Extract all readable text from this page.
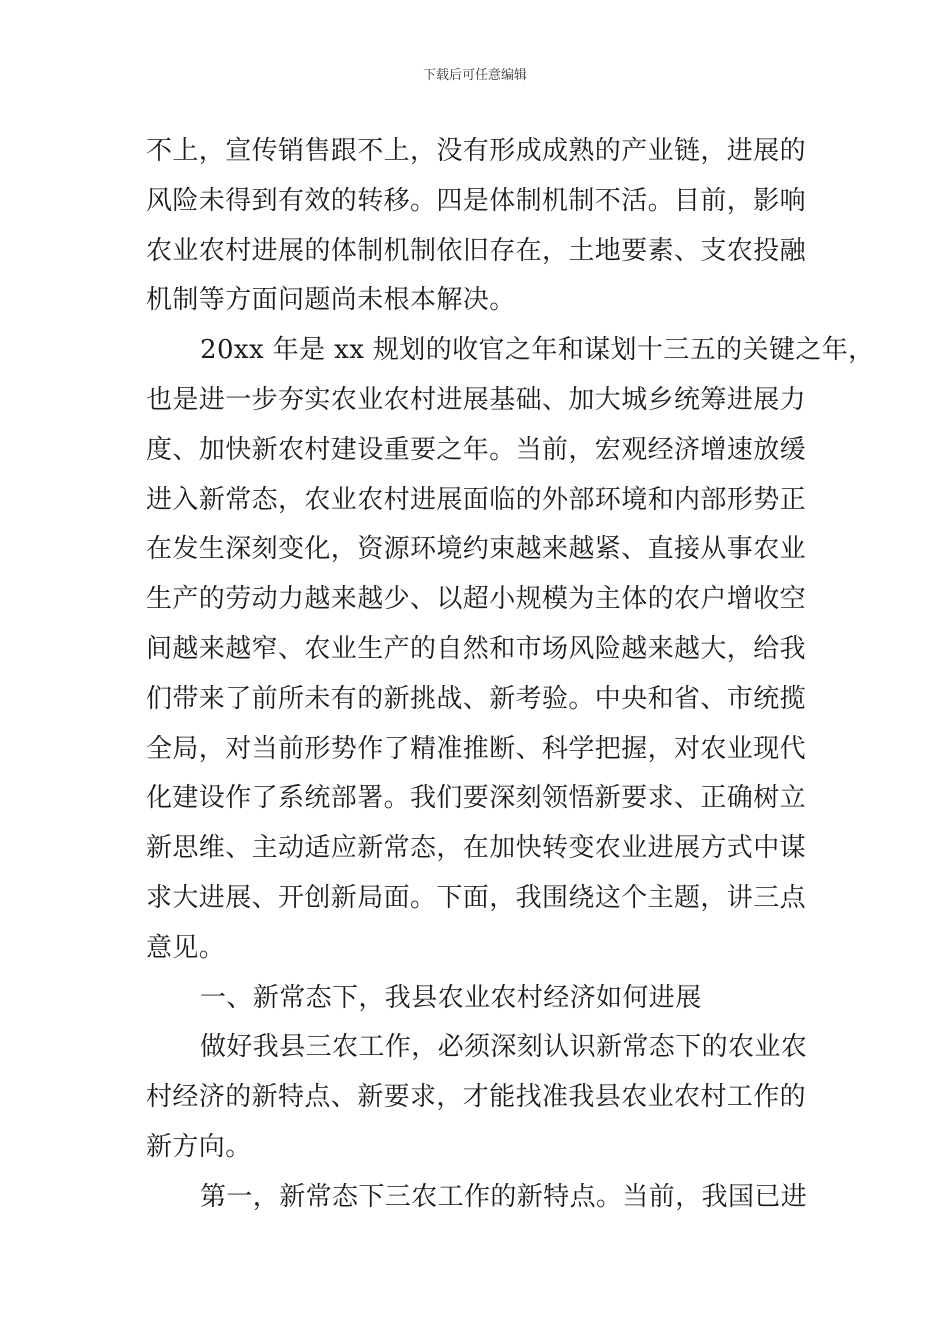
下载后可任意编辑
不上，宣传销售跟不上，没有形成成熟的产业链，进展的
风险未得到有效的转移。四是体制机制不活。目前，影响
农业农村进展的体制机制依旧存在，土地要素、支农投融
机制等方面问题尚未根本解决。
20xx 年是 xx 规划的收官之年和谋划十三五的关键之年，
也是进一步夯实农业农村进展基础、加大城乡统筹进展力
度、加快新农村建设重要之年。当前，宏观经济增速放缓
进入新常态，农业农村进展面临的外部环境和内部形势正
在发生深刻变化，资源环境约束越来越紧、直接从事农业
生产的劳动力越来越少、以超小规模为主体的农户增收空
间越来越窄、农业生产的自然和市场风险越来越大，给我
们带来了前所未有的新挑战、新考验。中央和省、市统揽
全局，对当前形势作了精准推断、科学把握，对农业现代
化建设作了系统部署。我们要深刻领悟新要求、正确树立
新思维、主动适应新常态，在加快转变农业进展方式中谋
求大进展、开创新局面。下面，我围绕这个主题，讲三点
意见。
一、新常态下，我县农业农村经济如何进展
做好我县三农工作，必须深刻认识新常态下的农业农
村经济的新特点、新要求，才能找准我县农业农村工作的
新方向。
第一，新常态下三农工作的新特点。当前，我国已进
